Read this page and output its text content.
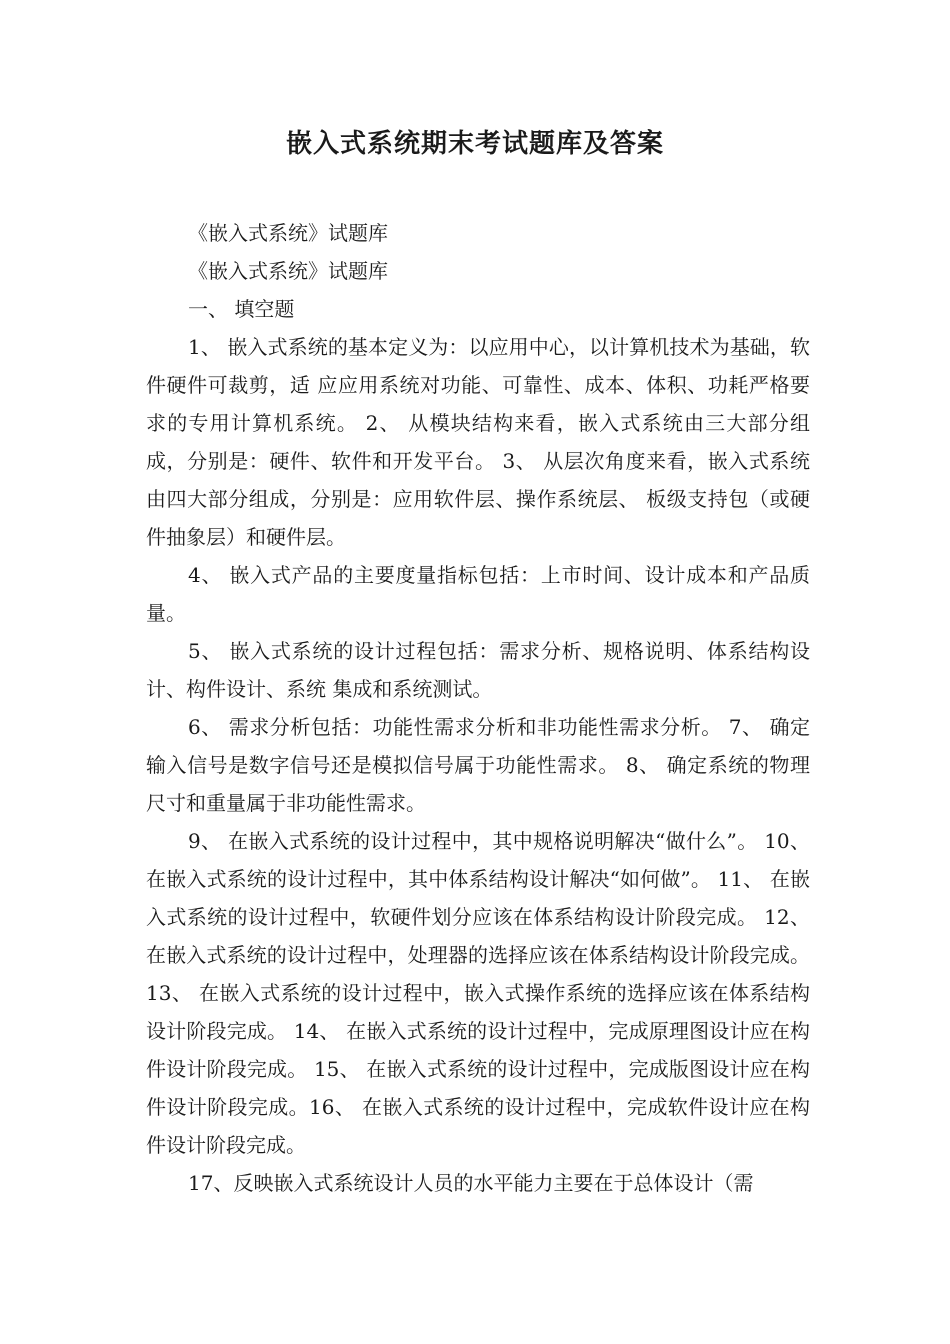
嵌入式系统期末考试题库及答案

《嵌入式系统》试题库

《嵌入式系统》试题库

一、 填空题

1、 嵌入式系统的基本定义为：以应用中心，以计算机技术为基础，软件硬件可裁剪，适 应应用系统对功能、可靠性、成本、体积、功耗严格要求的专用计算机系统。 2、 从模块结构来看，嵌入式系统由三大部分组成，分别是：硬件、软件和开发平台。 3、 从层次角度来看，嵌入式系统由四大部分组成，分别是：应用软件层、操作系统层、 板级支持包（或硬件抽象层）和硬件层。

4、 嵌入式产品的主要度量指标包括：上市时间、设计成本和产品质量。

5、 嵌入式系统的设计过程包括：需求分析、规格说明、体系结构设计、构件设计、系统 集成和系统测试。

6、 需求分析包括：功能性需求分析和非功能性需求分析。 7、 确定输入信号是数字信号还是模拟信号属于功能性需求。 8、 确定系统的物理尺寸和重量属于非功能性需求。

9、 在嵌入式系统的设计过程中，其中规格说明解决“做什么”。 10、 在嵌入式系统的设计过程中，其中体系结构设计解决“如何做”。 11、 在嵌入式系统的设计过程中，软硬件划分应该在体系结构设计阶段完成。 12、 在嵌入式系统的设计过程中，处理器的选择应该在体系结构设计阶段完成。 13、 在嵌入式系统的设计过程中，嵌入式操作系统的选择应该在体系结构设计阶段完成。 14、 在嵌入式系统的设计过程中，完成原理图设计应在构件设计阶段完成。 15、 在嵌入式系统的设计过程中，完成版图设计应在构件设计阶段完成。16、 在嵌入式系统的设计过程中，完成软件设计应在构件设计阶段完成。

17、反映嵌入式系统设计人员的水平能力主要在于总体设计（需
